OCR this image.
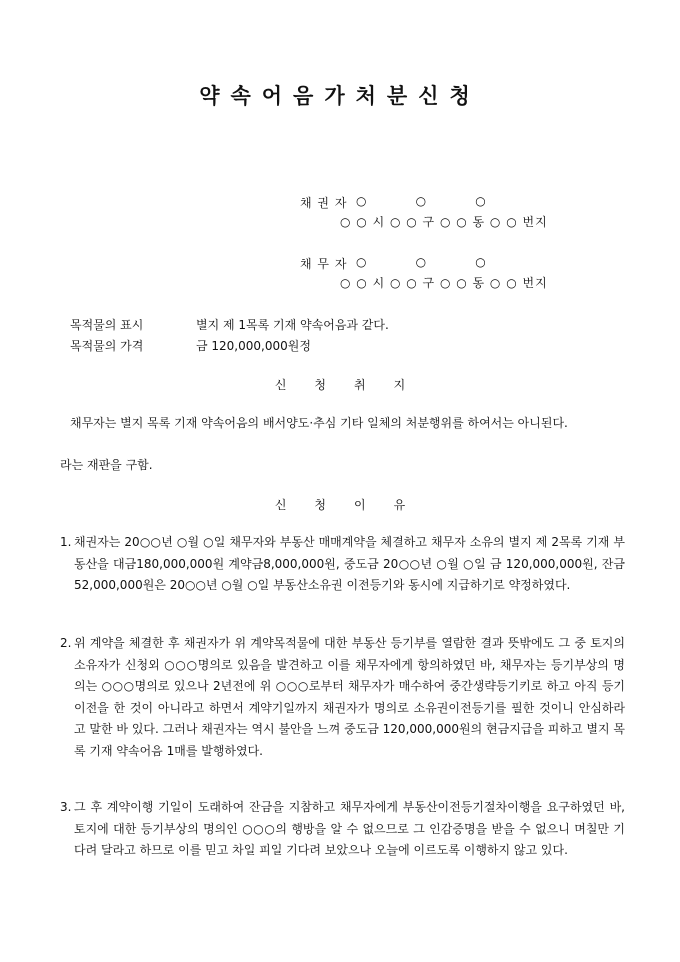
약속어음가처분신청
채 권 자 ○          ○          ○
○ ○ 시 ○ ○ 구 ○ ○ 동 ○ ○ 번지
채 무 자 ○          ○          ○
○ ○ 시 ○ ○ 구 ○ ○ 동 ○ ○ 번지
목적물의 표시	별지 제 1목록 기재 약속어음과 같다.
목적물의 가격	금 120,000,000원정
신청취지
채무자는 별지 목록 기재 약속어음의 배서양도·추심 기타 일체의 처분행위를 하여서는 아니된다.
라는 재판을 구함.
신청이유
1. 채권자는 20○○년 ○월 ○일 채무자와 부동산 매매계약을 체결하고 채무자 소유의 별지 제 2목록 기재 부동산을 대금180,000,000원 계약금8,000,000원, 중도금 20○○년 ○월 ○일 금 120,000,000원, 잔금 52,000,000원은 20○○년 ○월 ○일 부동산소유권 이전등기와 동시에 지급하기로 약정하였다.
2. 위 계약을 체결한 후 채권자가 위 계약목적물에 대한 부동산 등기부를 열람한 결과 뜻밖에도 그 중 토지의 소유자가 신청외 ○○○명의로 있음을 발견하고 이를 채무자에게 항의하였던 바, 채무자는 등기부상의 명의는 ○○○명의로 있으나 2년전에 위 ○○○로부터 채무자가 매수하여 중간생략등기키로 하고 아직 등기이전을 한 것이 아니라고 하면서 계약기일까지 채권자가 명의로 소유권이전등기를 필한 것이니 안심하라고 말한 바 있다. 그러나 채권자는 역시 불안을 느껴 중도금 120,000,000원의 현금지급을 피하고 별지 목록 기재 약속어음 1매를 발행하였다.
3. 그 후 계약이행 기일이 도래하여 잔금을 지참하고 채무자에게 부동산이전등기절차이행을 요구하였던 바, 토지에 대한 등기부상의 명의인 ○○○의 행방을 알 수 없으므로 그 인감증명을 받을 수 없으니 며칠만 기다려 달라고 하므로 이를 믿고 차일 피일 기다려 보았으나 오늘에 이르도록 이행하지 않고 있다.
